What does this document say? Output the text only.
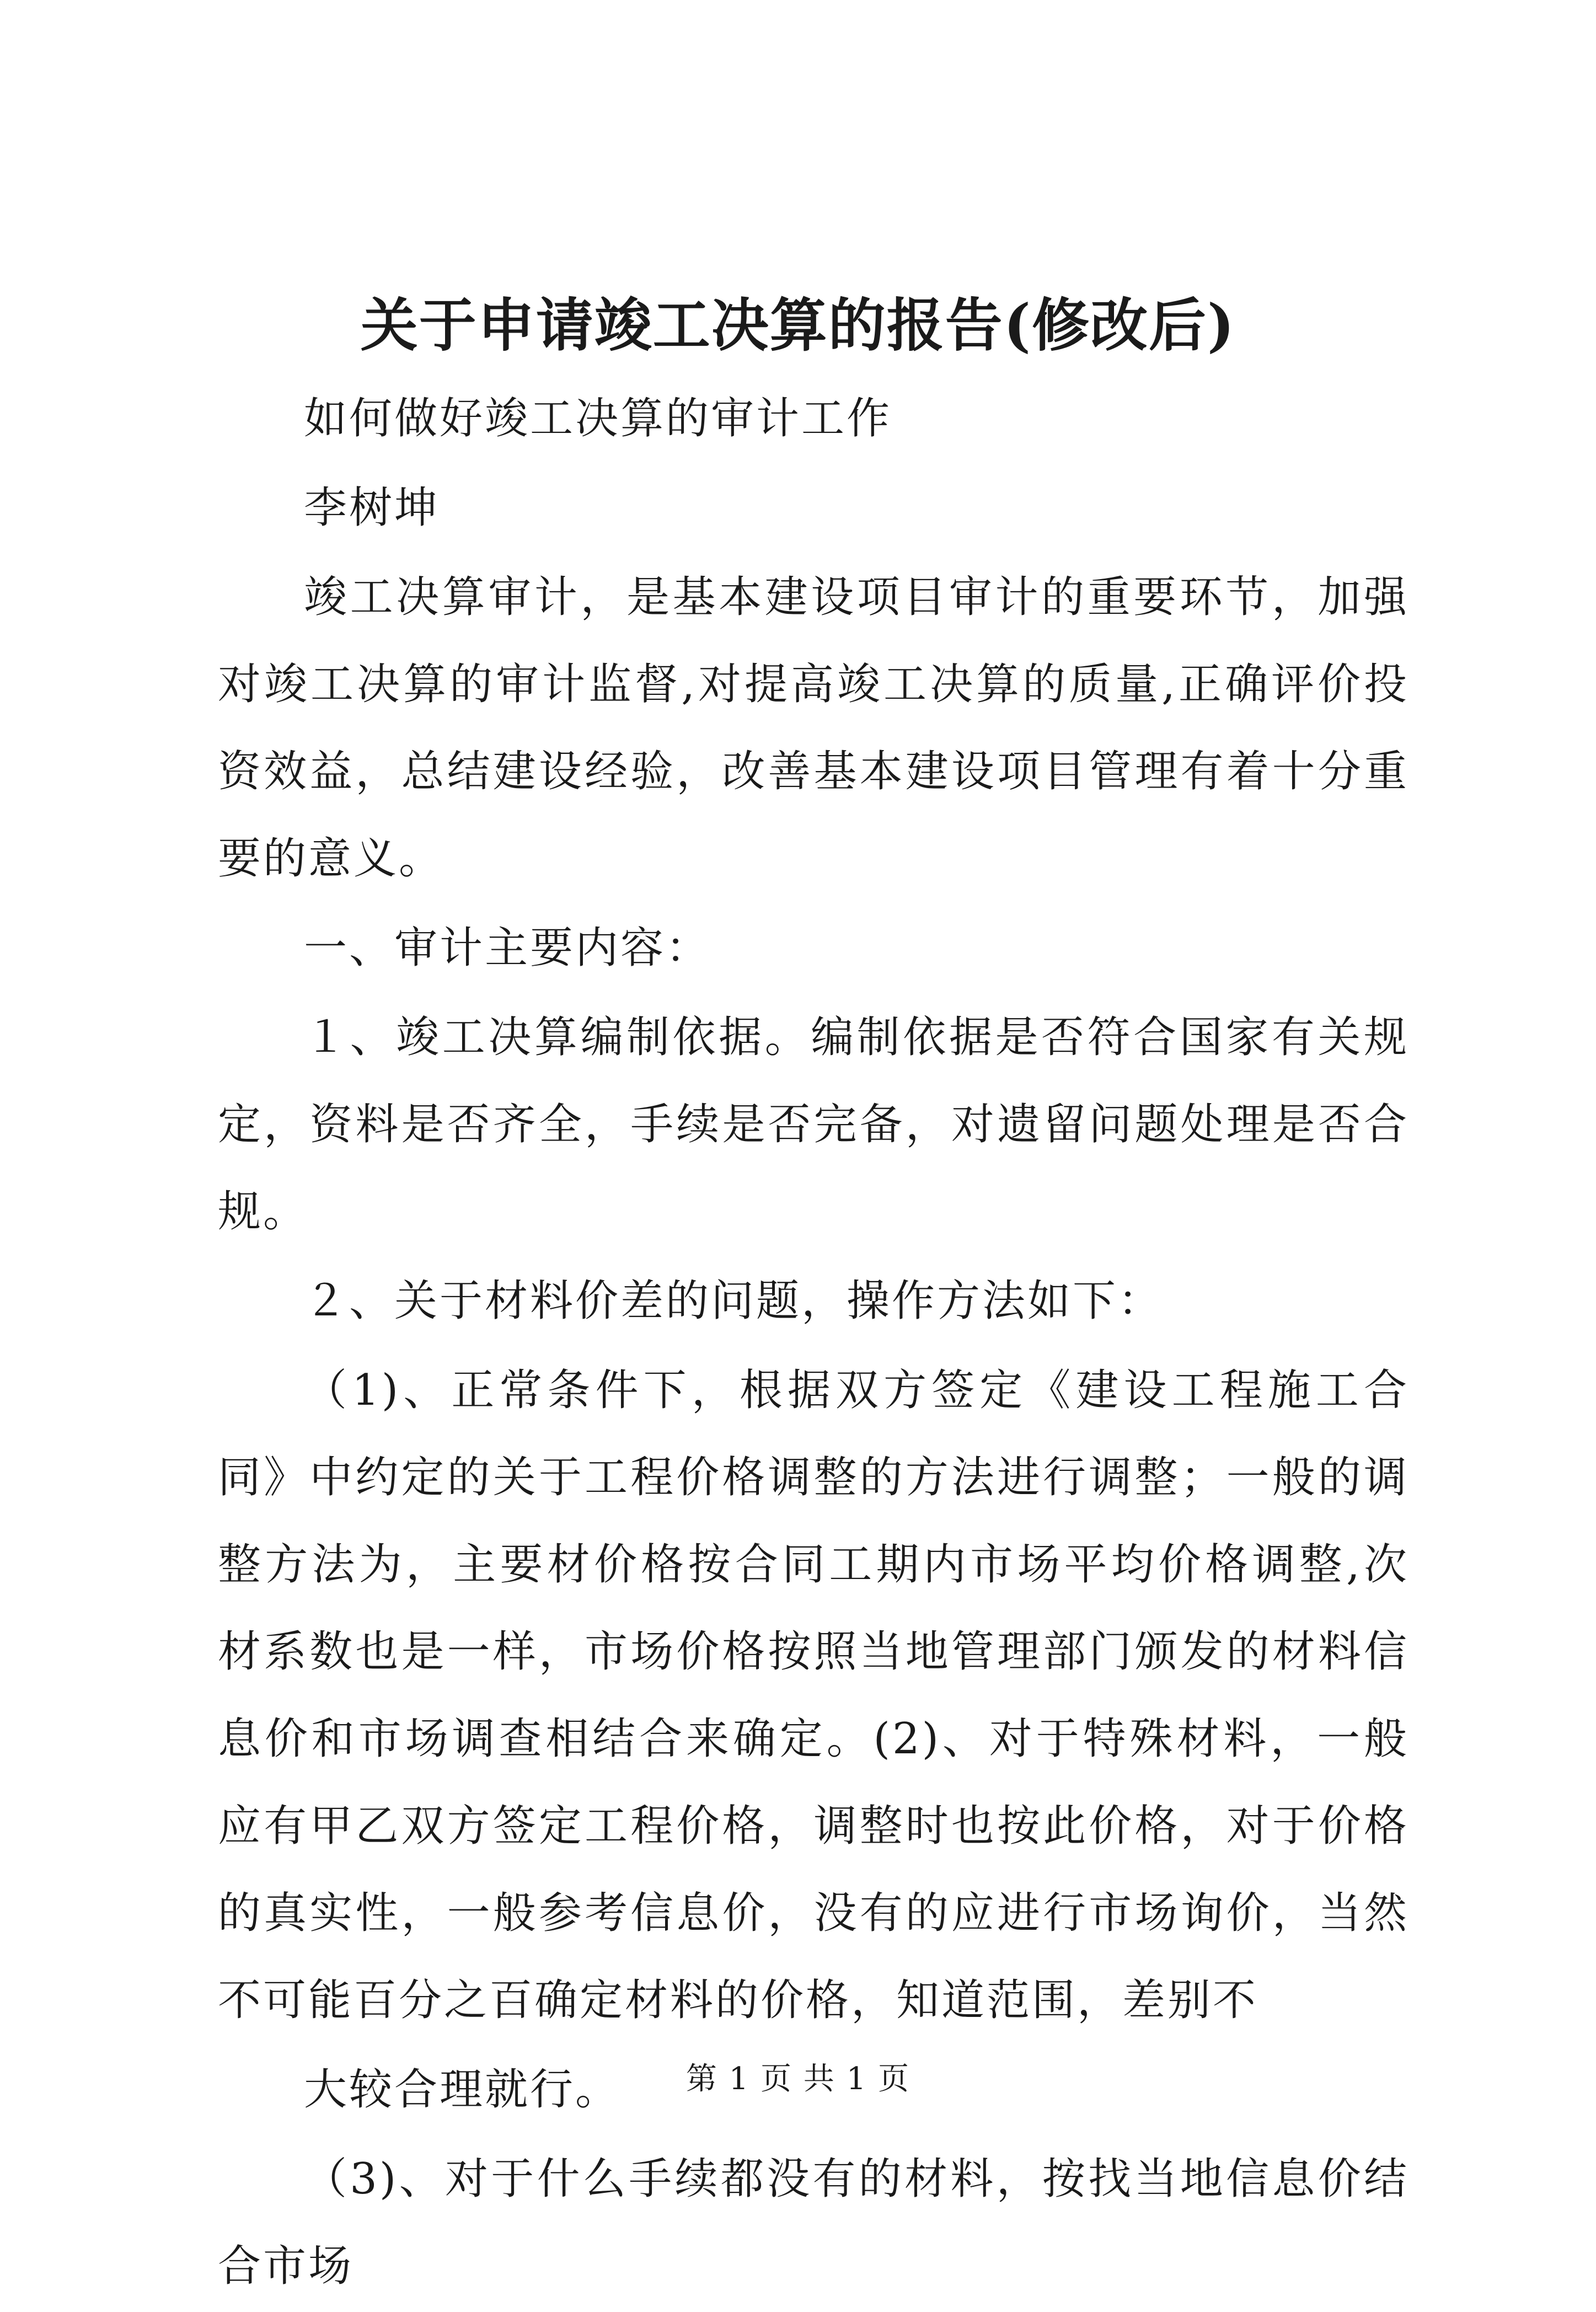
关于申请竣工决算的报告(修改后)

如何做好竣工决算的审计工作

李树坤

竣工决算审计，是基本建设项目审计的重要环节，加强对竣工决算的审计监督,对提高竣工决算的质量,正确评价投资效益，总结建设经验，改善基本建设项目管理有着十分重要的意义。

一、审计主要内容：

１、竣工决算编制依据。编制依据是否符合国家有关规定，资料是否齐全，手续是否完备，对遗留问题处理是否合规。

２、关于材料价差的问题，操作方法如下：

（1)、正常条件下，根据双方签定《建设工程施工合同》中约定的关于工程价格调整的方法进行调整；一般的调整方法为，主要材价格按合同工期内市场平均价格调整,次材系数也是一样，市场价格按照当地管理部门颁发的材料信息价和市场调查相结合来确定。(2)、对于特殊材料，一般应有甲乙双方签定工程价格，调整时也按此价格，对于价格的真实性，一般参考信息价，没有的应进行市场询价，当然不可能百分之百确定材料的价格，知道范围，差别不

大较合理就行。

（3)、对于什么手续都没有的材料，按找当地信息价结合市场

第 1 页 共 1 页
